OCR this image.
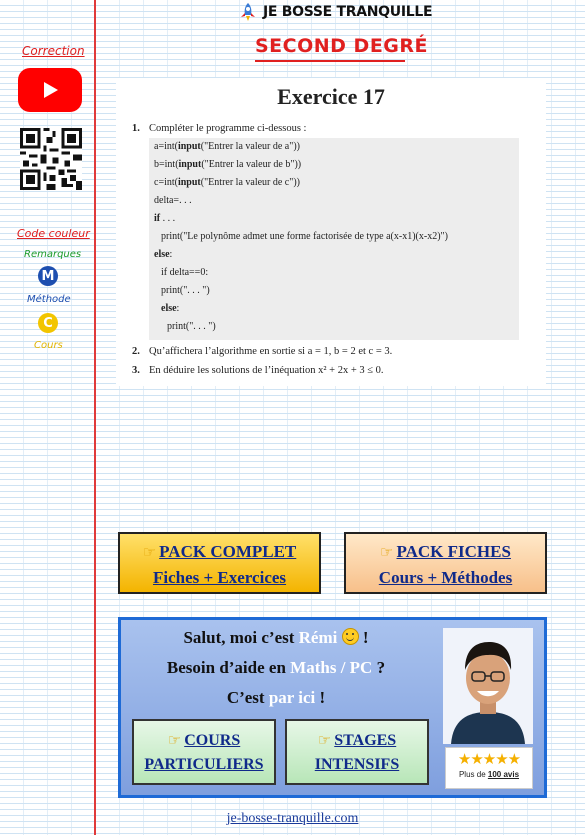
JE BOSSE TRANQUILLE
SECOND DEGRÉ
Correction
Code couleur
Remarques
M
Méthode
C
Cours
Exercice 17
1. Compléter le programme ci-dessous :
a=int(input("Entrer la valeur de a"))
b=int(input("Entrer la valeur de b"))
c=int(input("Entrer la valeur de c"))
delta=. . .
if . . .
print("Le polynôme admet une forme factorisée de type a(x-x1)(x-x2)")
else:
if delta==0:
print(". . . ")
else:
print(". . . ")
2. Qu’affichera l’algorithme en sortie si a = 1, b = 2 et c = 3.
3. En déduire les solutions de l’inéquation x² + 2x + 3 ≤ 0.
☞ PACK COMPLET
Fiches + Exercices
☞ PACK FICHES
Cours + Méthodes
Salut, moi c’est Rémi  !
Besoin d’aide en Maths / PC ?
C’est par ici !
★★★★★
Plus de 100 avis
☞ COURS
PARTICULIERS
☞ STAGES
INTENSIFS
je-bosse-tranquille.com
